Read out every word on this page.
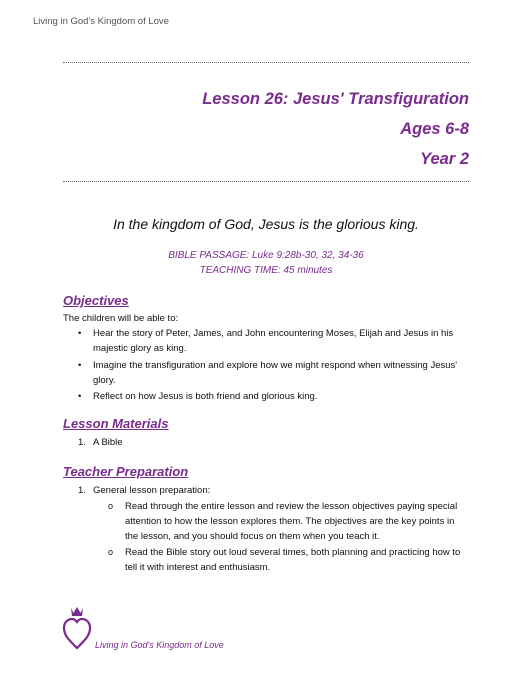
Living in God's Kingdom of Love
Lesson 26: Jesus' Transfiguration
Ages 6-8
Year 2
In the kingdom of God, Jesus is the glorious king.
BIBLE PASSAGE: Luke 9:28b-30, 32, 34-36
TEACHING TIME: 45 minutes
Objectives
The children will be able to:
• Hear the story of Peter, James, and John encountering Moses, Elijah and Jesus in his
majestic glory as king.
• Imagine the transfiguration and explore how we might respond when witnessing Jesus'
glory.
• Reflect on how Jesus is both friend and glorious king.
Lesson Materials
1. A Bible
Teacher Preparation
1. General lesson preparation:
o Read through the entire lesson and review the lesson objectives paying special
attention to how the lesson explores them. The objectives are the key points in
the lesson, and you should focus on them when you teach it.
o Read the Bible story out loud several times, both planning and practicing how to
tell it with interest and enthusiasm.
Living in God's Kingdom of Love
